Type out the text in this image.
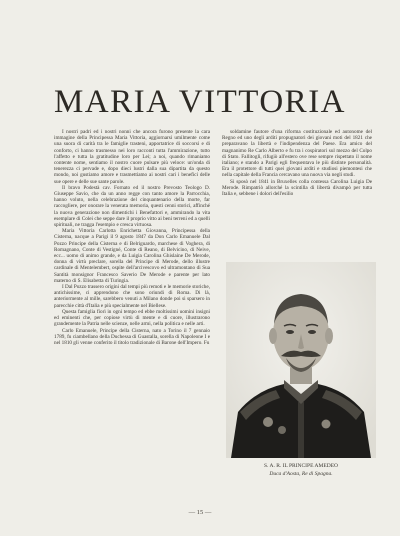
MARIA VITTORIA

I nostri padri ed i nostri nonni che ancora furono presente la cara immagine della Principessa Maria Vittoria, aggiornarsi umilmente come una suora di carità tra le famiglie trasteni, apportatrice di soccorsi e di conforto, ci hanno trasmesso nei loro racconti tutta l'ammirazione, tutto l'affetto e tutta la gratitudine loro per Lei; a noi, quando rimaniamo contente nome, sentiamo il nostro cuore pulsare più veloce: un'onda di tenerezza ci pervade e, dopo dieci lustri dalla sua dipartita da questo mondo, noi gustiamo amore e trasmettiamo ai nostri cari i benefici delle sue opere e delle sue sante parole.

Il bravo Podestà cav. Fornato ed il nostro Prevosto Teologo D. Giuseppe Savio, che da un anno regge con tanto amore la Parrocchia, hanno voluto, nella celebrazione del cinquantenario della morte, far raccogliere, per onorare la venerata memoria, questi cenni storici, affinché la nuova generazione non dimentichi i Benefattori e, ammirando la vita esemplare di Colei che seppe dare il proprio vitto ai beni terreni ed a quelli spirituali, ne tragga l'esempio e cresca virtuosa.

Maria Vittoria Carlotta Enrichetta Giovanna, Principessa della Cisterna, nacque a Parigi il 9 agosto 1847 da Don Carlo Emanuele Dal Pozzo Principe della Cisterna e di Belriguardo, marchese di Voghera, di Romagnano, Conte di Vestigné, Conte di Reano, di Belvicino, di Neive, ecc... uomo di animo grande, e da Luigia Carolina Ghislaine De Merode, donna di virtù preclare, sorella del Principe di Merode, dello illustre cardinale di Mentelembert, ospite dell'arcivescovo ed ultramontano di Sua Santità monsignor Francesco Saverio De Merode e parente per lato materno di S. Elisabetta di Turingia.

I Dal Pozzo trassero origini dal tempi più remoti e le memorie storiche, antichissime, ci apprendono che sono oriundi di Roma. Di là, anteriormente al mille, sarebbero venuti a Milano donde poi si sparsero in parecchie città d'Italia e più specialmente nel Biellese.

Questa famiglia fiorì in ogni tempo ed ebbe moltissimi uomini insigni ed eminenti che, per copiose virtù di mente e di cuore, illustrarono grandemente la Patria nelle scienze, nelle armi, nella politica e nelle arti.

Carlo Emanuele, Principe della Cisterna, nato a Torino il 7 gennaio 1789, fu ciambellano della Duchessa di Guastalla, sorella di Napoleone I e nel 1810 gli venne conferito il titolo tradizionale di Barone dell'Impero. Fu

soldamine fautore d'una riforma costituzionale ed autonome del Regno ed uno degli arditi propugnatori dei giovani moti del 1821 che preparavano la libertà e l'indipendenza del Paese. Era amico del magnanimo Re Carlo Alberto e fu tra i cospiratori sul mezzo del Colpo di Stato. Fallitogli, rifugiò all'estero ove rese sempre rispettato il nome italiano; e stando a Parigi egli frequentava le più distinte personalità. Era il protettore di tutti quei giovani arditi e studiosi piemontesi che nella capitale della Francia cercavano una nuova via negli studi.

Si sposò nel 1841 in Bruxelles colla contessa Carolina Luigia De Merode. Rimpatriò allorché la scintilla di libertà divampò per tutta Italia e, sebbene i dolori dell'esilio

S. A. R. IL PRINCIPE AMEDEO
Duca d'Aosta, Re di Spagna.
— 15 —
